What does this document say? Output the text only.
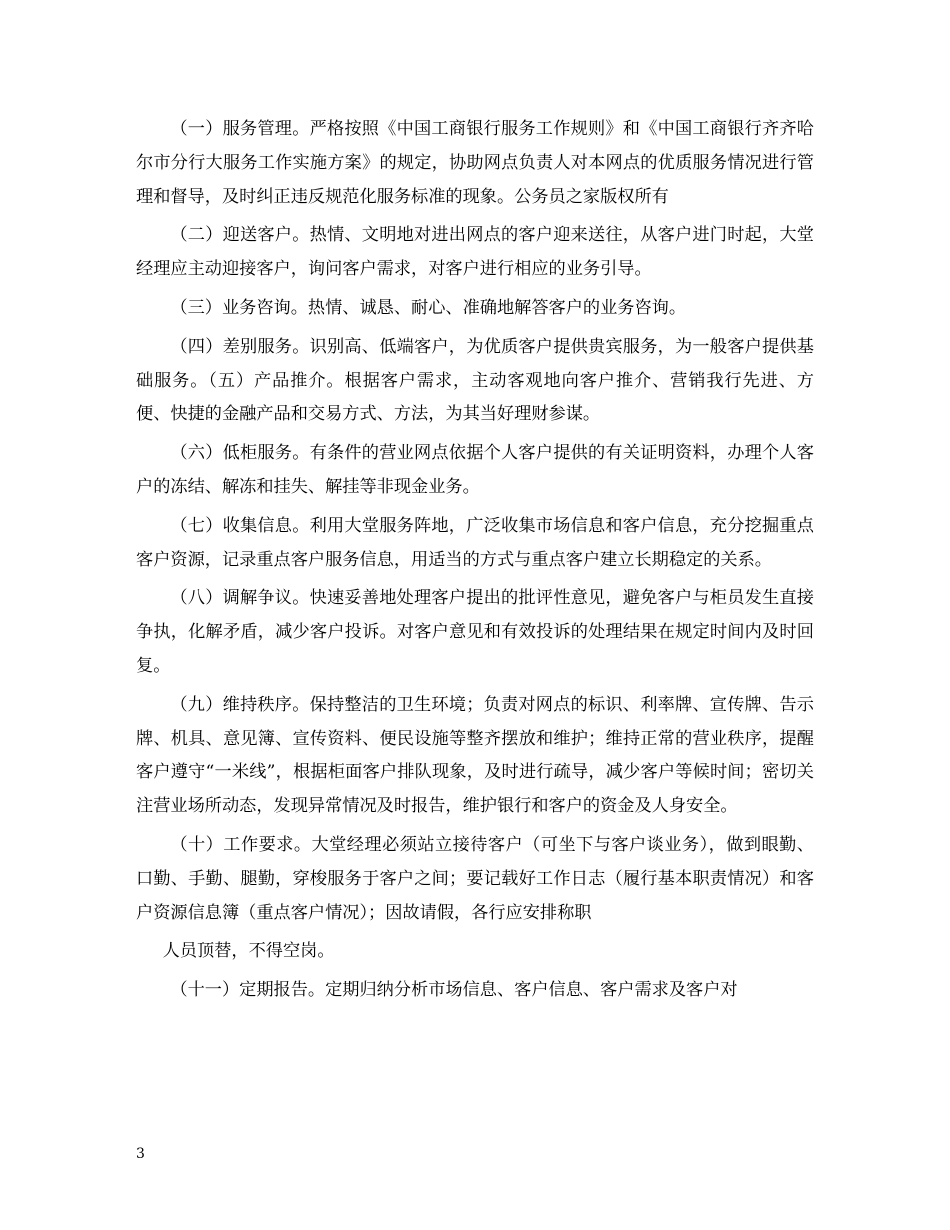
（一）服务管理。严格按照《中国工商银行服务工作规则》和《中国工商银行齐齐哈尔市分行大服务工作实施方案》的规定，协助网点负责人对本网点的优质服务情况进行管理和督导，及时纠正违反规范化服务标准的现象。公务员之家版权所有

（二）迎送客户。热情、文明地对进出网点的客户迎来送往，从客户进门时起，大堂经理应主动迎接客户，询问客户需求，对客户进行相应的业务引导。

（三）业务咨询。热情、诚恳、耐心、准确地解答客户的业务咨询。

（四）差别服务。识别高、低端客户，为优质客户提供贵宾服务，为一般客户提供基础服务。（五）产品推介。根据客户需求，主动客观地向客户推介、营销我行先进、方便、快捷的金融产品和交易方式、方法，为其当好理财参谋。

（六）低柜服务。有条件的营业网点依据个人客户提供的有关证明资料，办理个人客户的冻结、解冻和挂失、解挂等非现金业务。

（七）收集信息。利用大堂服务阵地，广泛收集市场信息和客户信息，充分挖掘重点客户资源，记录重点客户服务信息，用适当的方式与重点客户建立长期稳定的关系。

（八）调解争议。快速妥善地处理客户提出的批评性意见，避免客户与柜员发生直接争执，化解矛盾，减少客户投诉。对客户意见和有效投诉的处理结果在规定时间内及时回复。

（九）维持秩序。保持整洁的卫生环境；负责对网点的标识、利率牌、宣传牌、告示牌、机具、意见簿、宣传资料、便民设施等整齐摆放和维护；维持正常的营业秩序，提醒客户遵守“一米线”，根据柜面客户排队现象，及时进行疏导，减少客户等候时间；密切关注营业场所动态，发现异常情况及时报告，维护银行和客户的资金及人身安全。

（十）工作要求。大堂经理必须站立接待客户（可坐下与客户谈业务），做到眼勤、口勤、手勤、腿勤，穿梭服务于客户之间；要记载好工作日志（履行基本职责情况）和客户资源信息簿（重点客户情况）；因故请假，各行应安排称职

人员顶替，不得空岗。

（十一）定期报告。定期归纳分析市场信息、客户信息、客户需求及客户对

3
